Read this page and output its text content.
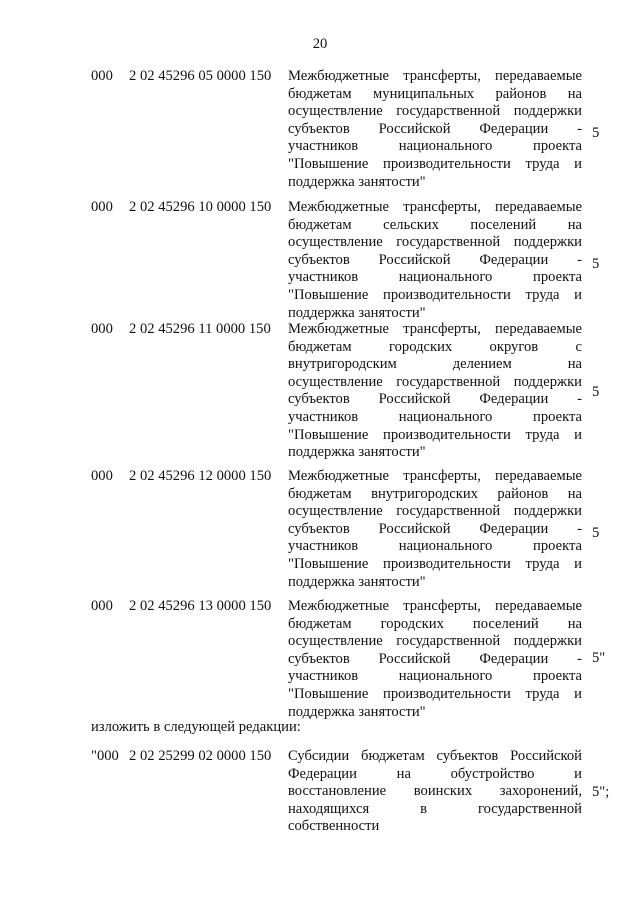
20
000 2 02 45296 05 0000 150 Межбюджетные трансферты, передаваемые
бюджетам муниципальных районов на
осуществление государственной поддержки
субъектов Российской Федерации -
участников национального проекта
"Повышение производительности труда и
поддержка занятости"
5
000 2 02 45296 10 0000 150 Межбюджетные трансферты, передаваемые
бюджетам сельских поселений на
осуществление государственной поддержки
субъектов Российской Федерации -
участников национального проекта
"Повышение производительности труда и
поддержка занятости"
5
000 2 02 45296 11 0000 150 Межбюджетные трансферты, передаваемые
бюджетам городских округов с
внутригородским делением на
осуществление государственной поддержки
субъектов Российской Федерации -
участников национального проекта
"Повышение производительности труда и
поддержка занятости"
5
000 2 02 45296 12 0000 150 Межбюджетные трансферты, передаваемые
бюджетам внутригородских районов на
осуществление государственной поддержки
субъектов Российской Федерации -
участников национального проекта
"Повышение производительности труда и
поддержка занятости"
5
000 2 02 45296 13 0000 150 Межбюджетные трансферты, передаваемые
бюджетам городских поселений на
осуществление государственной поддержки
субъектов Российской Федерации -
участников национального проекта
"Повышение производительности труда и
поддержка занятости"
5"
изложить в следующей редакции:
"000 2 02 25299 02 0000 150 Субсидии бюджетам субъектов Российской
Федерации на обустройство и
восстановление воинских захоронений,
находящихся в государственной
собственности
5";
